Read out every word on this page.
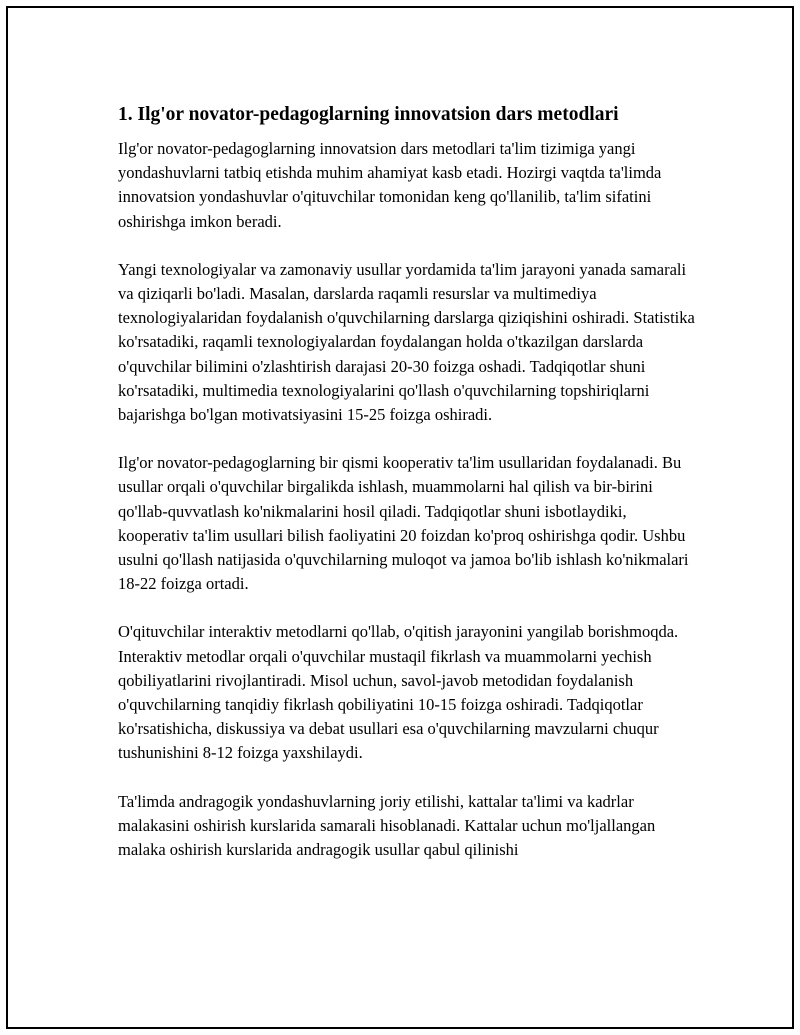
1. Ilg'or novator-pedagoglarning innovatsion dars metodlari

Ilg'or novator-pedagoglarning innovatsion dars metodlari ta'lim tizimiga yangi yondashuvlarni tatbiq etishda muhim ahamiyat kasb etadi. Hozirgi vaqtda ta'limda innovatsion yondashuvlar o'qituvchilar tomonidan keng qo'llanilib, ta'lim sifatini oshirishga imkon beradi.

Yangi texnologiyalar va zamonaviy usullar yordamida ta'lim jarayoni yanada samarali va qiziqarli bo'ladi. Masalan, darslarda raqamli resurslar va multimediya texnologiyalaridan foydalanish o'quvchilarning darslarga qiziqishini oshiradi. Statistika ko'rsatadiki, raqamli texnologiyalardan foydalangan holda o'tkazilgan darslarda o'quvchilar bilimini o'zlashtirish darajasi 20-30 foizga oshadi. Tadqiqotlar shuni ko'rsatadiki, multimedia texnologiyalarini qo'llash o'quvchilarning topshiriqlarni bajarishga bo'lgan motivatsiyasini 15-25 foizga oshiradi.

Ilg'or novator-pedagoglarning bir qismi kooperativ ta'lim usullaridan foydalanadi. Bu usullar orqali o'quvchilar birgalikda ishlash, muammolarni hal qilish va bir-birini qo'llab-quvvatlash ko'nikmalarini hosil qiladi. Tadqiqotlar shuni isbotlaydiki, kooperativ ta'lim usullari bilish faoliyatini 20 foizdan ko'proq oshirishga qodir. Ushbu usulni qo'llash natijasida o'quvchilarning muloqot va jamoa bo'lib ishlash ko'nikmalari 18-22 foizga ortadi.

O'qituvchilar interaktiv metodlarni qo'llab, o'qitish jarayonini yangilab borishmoqda. Interaktiv metodlar orqali o'quvchilar mustaqil fikrlash va muammolarni yechish qobiliyatlarini rivojlantiradi. Misol uchun, savol-javob metodidan foydalanish o'quvchilarning tanqidiy fikrlash qobiliyatini 10-15 foizga oshiradi. Tadqiqotlar ko'rsatishicha, diskussiya va debat usullari esa o'quvchilarning mavzularni chuqur tushunishini 8-12 foizga yaxshilaydi.

Ta'limda andragogik yondashuvlarning joriy etilishi, kattalar ta'limi va kadrlar malakasini oshirish kurslarida samarali hisoblanadi. Kattalar uchun mo'ljallangan malaka oshirish kurslarida andragogik usullar qabul qilinishi
